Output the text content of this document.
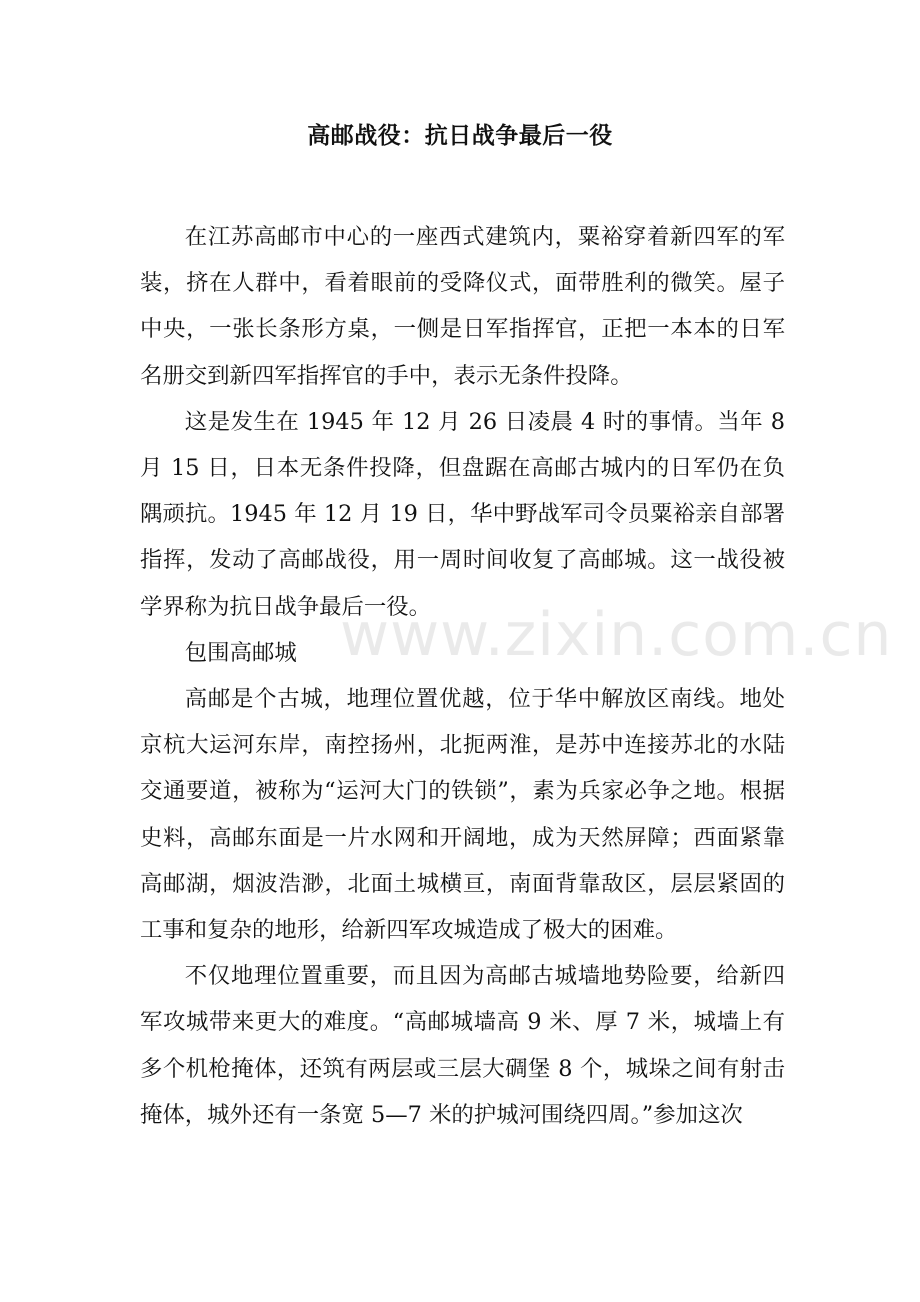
高邮战役：抗日战争最后一役

在江苏高邮市中心的一座西式建筑内，粟裕穿着新四军的军装，挤在人群中，看着眼前的受降仪式，面带胜利的微笑。屋子中央，一张长条形方桌，一侧是日军指挥官，正把一本本的日军名册交到新四军指挥官的手中，表示无条件投降。

这是发生在 1945 年 12 月 26 日凌晨 4 时的事情。当年 8 月 15 日，日本无条件投降，但盘踞在高邮古城内的日军仍在负隅顽抗。1945 年 12 月 19 日，华中野战军司令员粟裕亲自部署指挥，发动了高邮战役，用一周时间收复了高邮城。这一战役被学界称为抗日战争最后一役。

包围高邮城

高邮是个古城，地理位置优越，位于华中解放区南线。地处京杭大运河东岸，南控扬州，北扼两淮，是苏中连接苏北的水陆交通要道，被称为“运河大门的铁锁”，素为兵家必争之地。根据史料，高邮东面是一片水网和开阔地，成为天然屏障；西面紧靠高邮湖，烟波浩渺，北面土城横亘，南面背靠敌区，层层紧固的工事和复杂的地形，给新四军攻城造成了极大的困难。

不仅地理位置重要，而且因为高邮古城墙地势险要，给新四军攻城带来更大的难度。“高邮城墙高 9 米、厚 7 米，城墙上有多个机枪掩体，还筑有两层或三层大碉堡 8 个，城垛之间有射击掩体，城外还有一条宽 5—7 米的护城河围绕四周。”参加这次

www.zixin.com.cn
